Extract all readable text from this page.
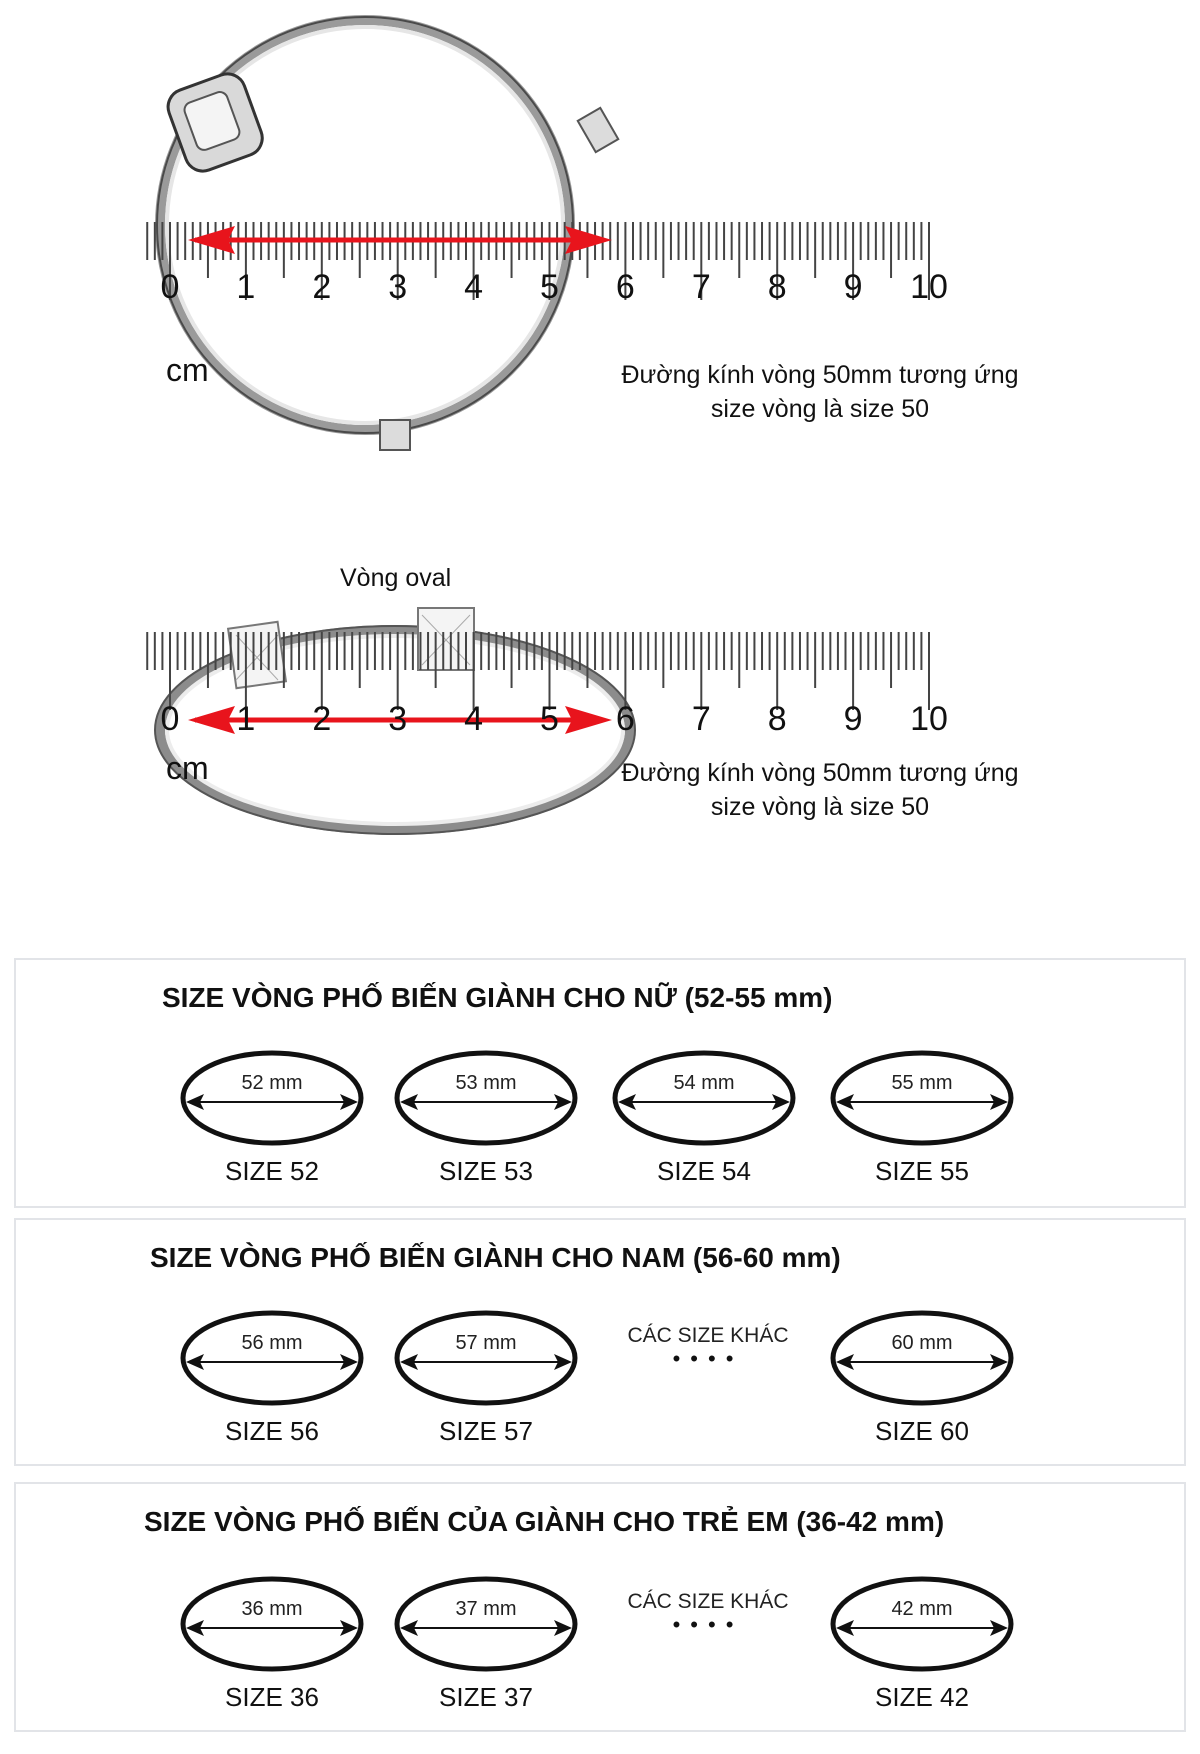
0 1 2 3 4 5 6 7 8 9 10
cm	Đường kính vòng 50mm tương ứng
size vòng là size 50
Vòng oval
0 1 2 3 4 5 6 7 8 9 10
cm	Đường kính vòng 50mm tương ứng
size vòng là size 50
SIZE VÒNG PHỐ BIẾN GIÀNH CHO NỮ (52-55 mm)
52 mm
SIZE 52
53 mm
SIZE 53
54 mm
SIZE 54
55 mm
SIZE 55
SIZE VÒNG PHỐ BIẾN GIÀNH CHO NAM (56-60 mm)
56 mm
SIZE 56
57 mm
SIZE 57
CÁC SIZE KHÁC
••••
60 mm
SIZE 60
SIZE VÒNG PHỐ BIẾN CỦA GIÀNH CHO TRẺ EM (36-42 mm)
36 mm
SIZE 36
37 mm
SIZE 37
CÁC SIZE KHÁC
••••
42 mm
SIZE 42
